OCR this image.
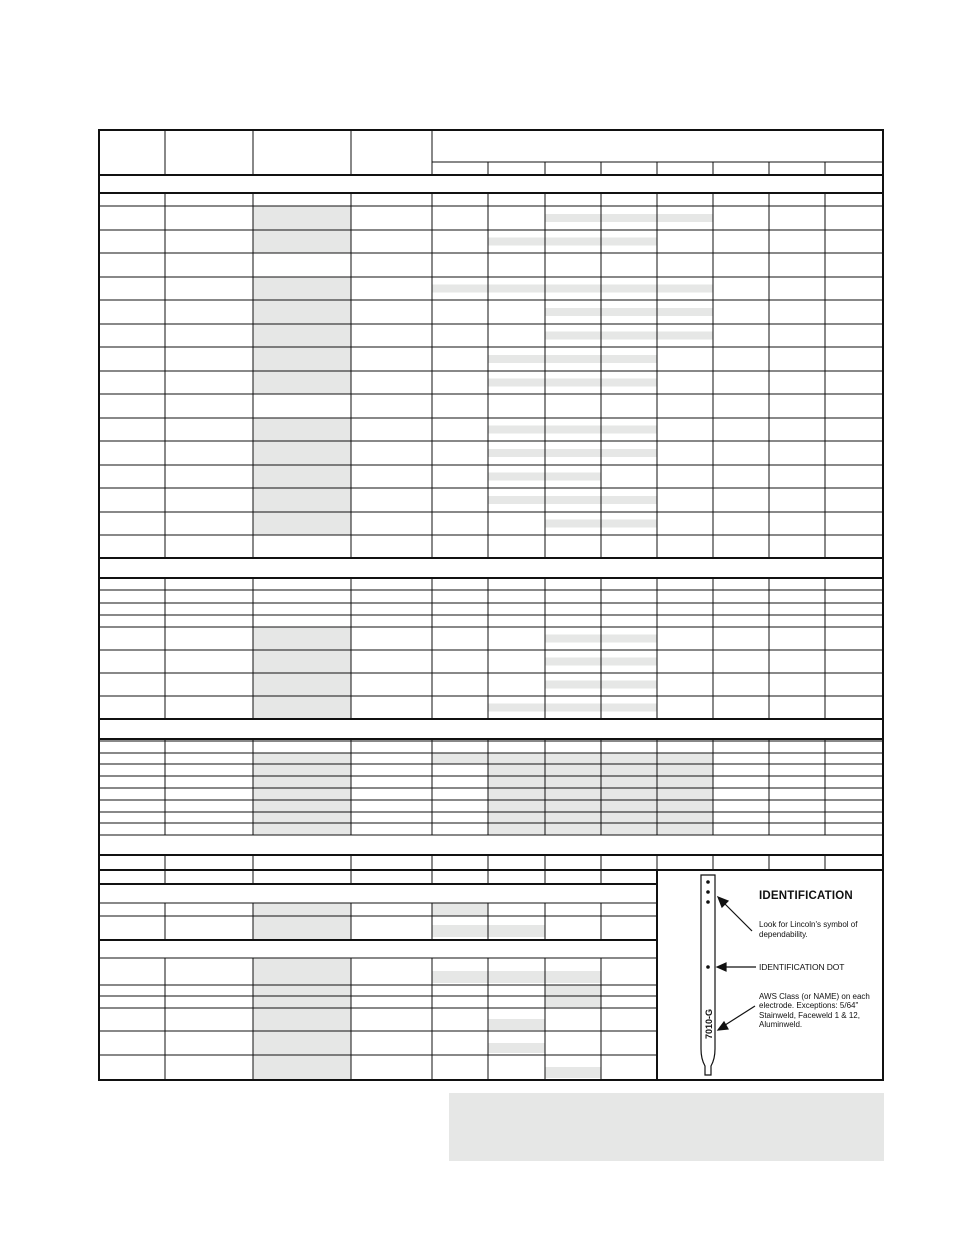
7010-G
IDENTIFICATION
Look for Lincoln's symbol of dependability.
IDENTIFICATION DOT
AWS Class (or NAME) on each electrode. Exceptions: 5/64" Stainweld, Faceweld 1 & 12, Aluminweld.
